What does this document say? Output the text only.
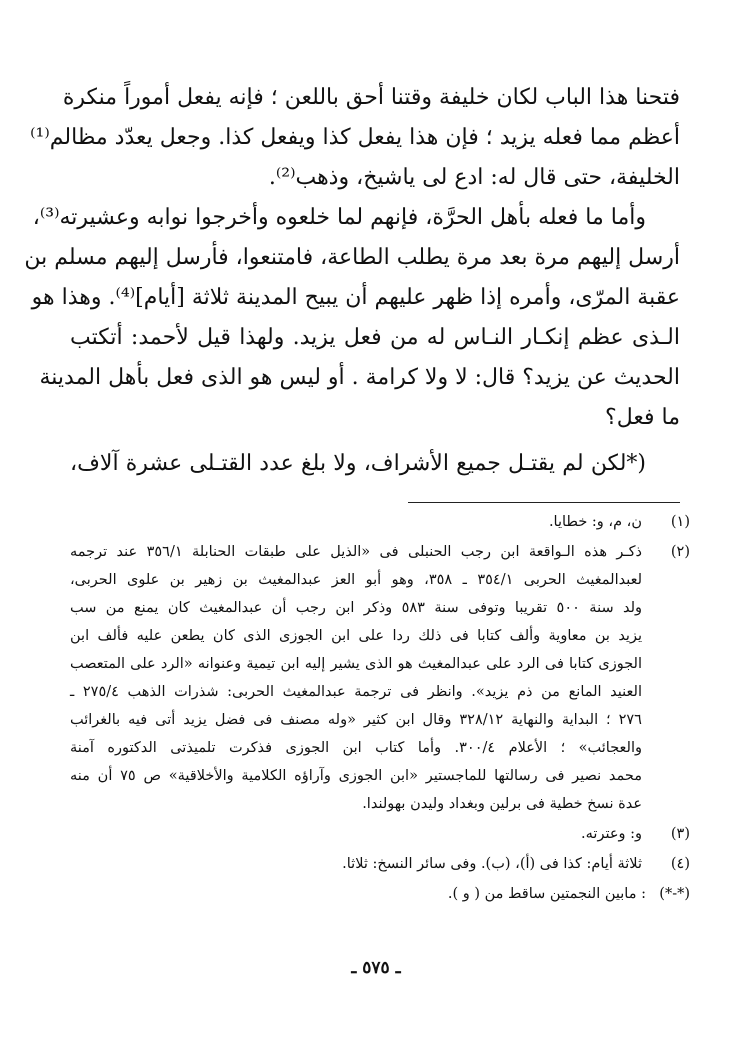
فتحنا هذا الباب لكان خليفة وقتنا أحق باللعن ؛ فإنه يفعل أموراً منكرة
أعظم مما فعله يزيد ؛ فإن هذا يفعل كذا ويفعل كذا. وجعل يعدّد مظالم⁽¹⁾
الخليفة، حتى قال له: ادع لى ياشيخ، وذهب⁽²⁾.
وأما ما فعله بأهل الحرَّة، فإنهم لما خلعوه وأخرجوا نوابه وعشيرته⁽³⁾،
أرسل إليهم مرة بعد مرة يطلب الطاعة، فامتنعوا، فأرسل إليهم مسلم بن
عقبة المرّى، وأمره إذا ظهر عليهم أن يبيح المدينة ثلاثة [أيام]⁽⁴⁾. وهذا هو
الـذى عظم إنكـار النـاس له من فعل يزيد. ولهذا قيل لأحمد: أتكتب
الحديث عن يزيد؟ قال: لا ولا كرامة . أو ليس هو الذى فعل بأهل المدينة
ما فعل؟
(*لكن لم يقتـل جميع الأشراف، ولا بلغ عدد القتـلى عشرة آلاف،
(١)
ن، م، و: خطايا.
(٢)
ذكـر هذه الـواقعة ابن رجب الحنبلى فى «الذيل على طبقات الحنابلة ٣٥٦/١ عند ترجمه
لعبدالمغيث الحربى ٣٥٤/١ ـ ٣٥٨، وهو أبو العز عبدالمغيث بن زهير بن علوى الحربى،
ولد سنة ٥٠٠ تقريبا وتوفى سنة ٥٨٣ وذكر ابن رجب أن عبدالمغيث كان يمنع من سب
يزيد بن معاوية وألف كتابا فى ذلك ردا على ابن الجوزى الذى كان يطعن عليه فألف ابن
الجوزى كتابا فى الرد على عبدالمغيث هو الذى يشير إليه ابن تيمية وعنوانه «الرد على المتعصب
العنيد المانع من ذم يزيد». وانظر فى ترجمة عبدالمغيث الحربى: شذرات الذهب ٢٧٥/٤ ـ
٢٧٦ ؛ البداية والنهاية ٣٢٨/١٢ وقال ابن كثير «وله مصنف فى فضل يزيد أتى فيه بالغرائب
والعجائب» ؛ الأعلام ٣٠٠/٤. وأما كتاب ابن الجوزى فذكرت تلميذتى الدكتوره آمنة
محمد نصير فى رسالتها للماجستير «ابن الجوزى وآراؤه الكلامية والأخلاقية» ص ٧٥ أن منه
عدة نسخ خطية فى برلين وبغداد وليدن بهولندا.
(٣)
و: وعترته.
(٤)
ثلاثة أيام: كذا فى (أ)، (ب). وفى سائر النسخ: ثلاثا.
(*-*)
: مابين النجمتين ساقط من ( و ).
ـ ٥٧٥ ـ
